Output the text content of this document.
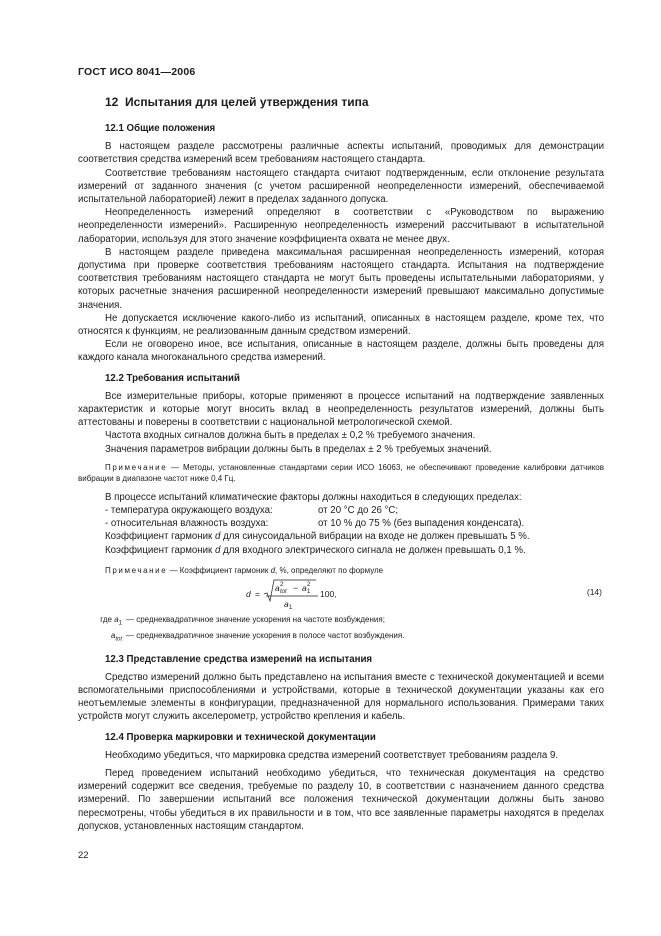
ГОСТ ИСО 8041—2006
12 Испытания для целей утверждения типа
12.1 Общие положения

В настоящем разделе рассмотрены различные аспекты испытаний, проводимых для демонстрации соответствия средства измерений всем требованиям настоящего стандарта.

Соответствие требованиям настоящего стандарта считают подтвержденным, если отклонение результата измерений от заданного значения (с учетом расширенной неопределенности измерений, обеспечиваемой испытательной лабораторией) лежит в пределах заданного допуска.

Неопределенность измерений определяют в соответствии с «Руководством по выражению неопределенности измерений». Расширенную неопределенность измерений рассчитывают в испытательной лаборатории, используя для этого значение коэффициента охвата не менее двух.

В настоящем разделе приведена максимальная расширенная неопределенность измерений, которая допустима при проверке соответствия требованиям настоящего стандарта. Испытания на подтверждение соответствия требованиям настоящего стандарта не могут быть проведены испытательными лабораториями, у которых расчетные значения расширенной неопределенности измерений превышают максимально допустимые значения.

Не допускается исключение какого-либо из испытаний, описанных в настоящем разделе, кроме тех, что относятся к функциям, не реализованным данным средством измерений.

Если не оговорено иное, все испытания, описанные в настоящем разделе, должны быть проведены для каждого канала многоканального средства измерений.

12.2 Требования испытаний

Все измерительные приборы, которые применяют в процессе испытаний на подтверждение заявленных характеристик и которые могут вносить вклад в неопределенность результатов измерений, должны быть аттестованы и поверены в соответствии с национальной метрологической схемой.

Частота входных сигналов должна быть в пределах ± 0,2 % требуемого значения.

Значения параметров вибрации должны быть в пределах ± 2 % требуемых значений.

Примечание — Методы, установленные стандартами серии ИСО 16063, не обеспечивают проведение калибровки датчиков вибрации в диапазоне частот ниже 0,4 Гц.

В процессе испытаний климатические факторы должны находиться в следующих пределах:

- температура окружающего воздуха:	от 20 °С до 26 °С;
- относительная влажность воздуха:	от 10 % до 75 % (без выпадения конденсата).

Коэффициент гармоник d для синусоидальной вибрации на входе не должен превышать 5 %.

Коэффициент гармоник d для входного электрического сигнала не должен превышать 0,1 %.

Примечание — Коэффициент гармоник d, %, определяют по формуле

d =
a tot
2 − a 1
2
a 1
100,	(14)
где $a_1$ — среднеквадратичное значение ускорения на частоте возбуждения;
$a_{tot}$ — среднеквадратичное значение ускорения в полосе частот возбуждения.
12.3 Представление средства измерений на испытания

Средство измерений должно быть представлено на испытания вместе с технической документацией и всеми вспомогательными приспособлениями и устройствами, которые в технической документации указаны как его неотъемлемые элементы в конфигурации, предназначенной для нормального использования. Примерами таких устройств могут служить акселерометр, устройство крепления и кабель.

12.4 Проверка маркировки и технической документации

Необходимо убедиться, что маркировка средства измерений соответствует требованиям раздела 9.

Перед проведением испытаний необходимо убедиться, что техническая документация на средство измерений содержит все сведения, требуемые по разделу 10, в соответствии с назначением данного средства измерений. По завершении испытаний все положения технической документации должны быть заново пересмотрены, чтобы убедиться в их правильности и в том, что все заявленные параметры находятся в пределах допусков, установленных настоящим стандартом.

22
